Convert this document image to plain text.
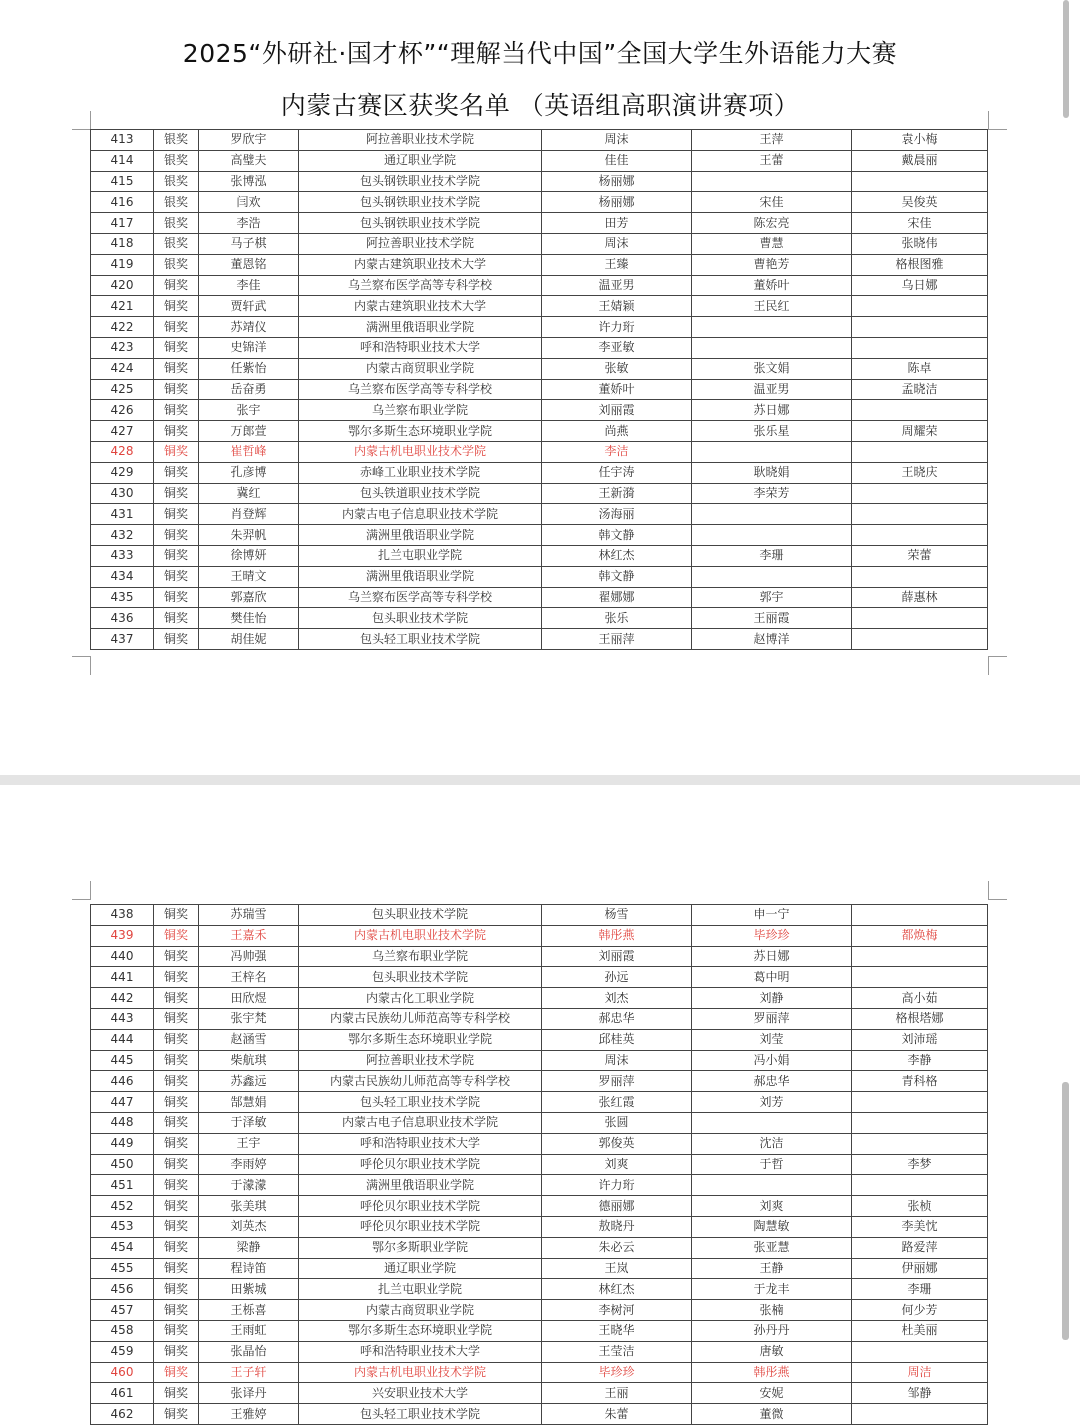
2025“外研社·国才杯”“理解当代中国”全国大学生外语能力大赛
内蒙古赛区获奖名单 （英语组高职演讲赛项）
413	银奖	罗欣宇	阿拉善职业技术学院	周沫	王萍	袁小梅
414	银奖	高璧夫	通辽职业学院	佳佳	王蕾	戴晨丽
415	银奖	张博泓	包头钢铁职业技术学院	杨丽娜		
416	银奖	闫欢	包头钢铁职业技术学院	杨丽娜	宋佳	吴俊英
417	银奖	李浩	包头钢铁职业技术学院	田芳	陈宏亮	宋佳
418	银奖	马子棋	阿拉善职业技术学院	周沫	曹慧	张晓伟
419	银奖	董恩铭	内蒙古建筑职业技术大学	王臻	曹艳芳	格根图雅
420	铜奖	李佳	乌兰察布医学高等专科学校	温亚男	董娇叶	乌日娜
421	铜奖	贾轩武	内蒙古建筑职业技术大学	王婧颖	王民红	
422	铜奖	苏靖仪	满洲里俄语职业学院	许力珩		
423	铜奖	史锦洋	呼和浩特职业技术大学	李亚敏		
424	铜奖	任紫怡	内蒙古商贸职业学院	张敏	张文娟	陈卓
425	铜奖	岳奋勇	乌兰察布医学高等专科学校	董娇叶	温亚男	孟晓洁
426	铜奖	张宇	乌兰察布职业学院	刘丽霞	苏日娜	
427	铜奖	万郎萱	鄂尔多斯生态环境职业学院	尚燕	张乐星	周耀荣
428	铜奖	崔哲峰	内蒙古机电职业技术学院	李洁		
429	铜奖	孔彦博	赤峰工业职业技术学院	任宇涛	耿晓娟	王晓庆
430	铜奖	冀红	包头铁道职业技术学院	王新漪	李荣芳	
431	铜奖	肖登辉	内蒙古电子信息职业技术学院	汤海丽		
432	铜奖	朱羿帆	满洲里俄语职业学院	韩文静		
433	铜奖	徐博妍	扎兰屯职业学院	林红杰	李珊	荣蕾
434	铜奖	王晴文	满洲里俄语职业学院	韩文静		
435	铜奖	郭嘉欣	乌兰察布医学高等专科学校	翟娜娜	郭宇	薛惠林
436	铜奖	樊佳怡	包头职业技术学院	张乐	王丽霞	
437	铜奖	胡佳妮	包头轻工职业技术学院	王丽萍	赵博洋	
438	铜奖	苏瑞雪	包头职业技术学院	杨雪	申一宁	
439	铜奖	王嘉禾	内蒙古机电职业技术学院	韩彤燕	毕珍珍	都焕梅
440	铜奖	冯帅强	乌兰察布职业学院	刘丽霞	苏日娜	
441	铜奖	王梓名	包头职业技术学院	孙远	葛中明	
442	铜奖	田欣煜	内蒙古化工职业学院	刘杰	刘静	高小茹
443	铜奖	张宇梵	内蒙古民族幼儿师范高等专科学校	郝忠华	罗丽萍	格根塔娜
444	铜奖	赵涵雪	鄂尔多斯生态环境职业学院	邱桂英	刘莹	刘沛瑶
445	铜奖	柴航琪	阿拉善职业技术学院	周沫	冯小娟	李静
446	铜奖	苏鑫远	内蒙古民族幼儿师范高等专科学校	罗丽萍	郝忠华	青科格
447	铜奖	郜慧娟	包头轻工职业技术学院	张红霞	刘芳	
448	铜奖	于泽敏	内蒙古电子信息职业技术学院	张圆		
449	铜奖	王宇	呼和浩特职业技术大学	郭俊英	沈洁	
450	铜奖	李雨婷	呼伦贝尔职业技术学院	刘爽	于哲	李梦
451	铜奖	于濛濛	满洲里俄语职业学院	许力珩		
452	铜奖	张美琪	呼伦贝尔职业技术学院	德丽娜	刘爽	张桢
453	铜奖	刘英杰	呼伦贝尔职业技术学院	敖晓丹	陶慧敏	李美忱
454	铜奖	梁静	鄂尔多斯职业学院	朱必云	张亚慧	路爱萍
455	铜奖	程诗笛	通辽职业学院	王岚	王静	伊丽娜
456	铜奖	田紫城	扎兰屯职业学院	林红杰	于龙丰	李珊
457	铜奖	王栎喜	内蒙古商贸职业学院	李树河	张楠	何少芳
458	铜奖	王雨虹	鄂尔多斯生态环境职业学院	王晓华	孙丹丹	杜美丽
459	铜奖	张晶怡	呼和浩特职业技术大学	王莹洁	唐敏	
460	铜奖	王子轩	内蒙古机电职业技术学院	毕珍珍	韩彤燕	周洁
461	铜奖	张译丹	兴安职业技术大学	王丽	安妮	邹静
462	铜奖	王雅婷	包头轻工职业技术学院	朱蕾	董微	
